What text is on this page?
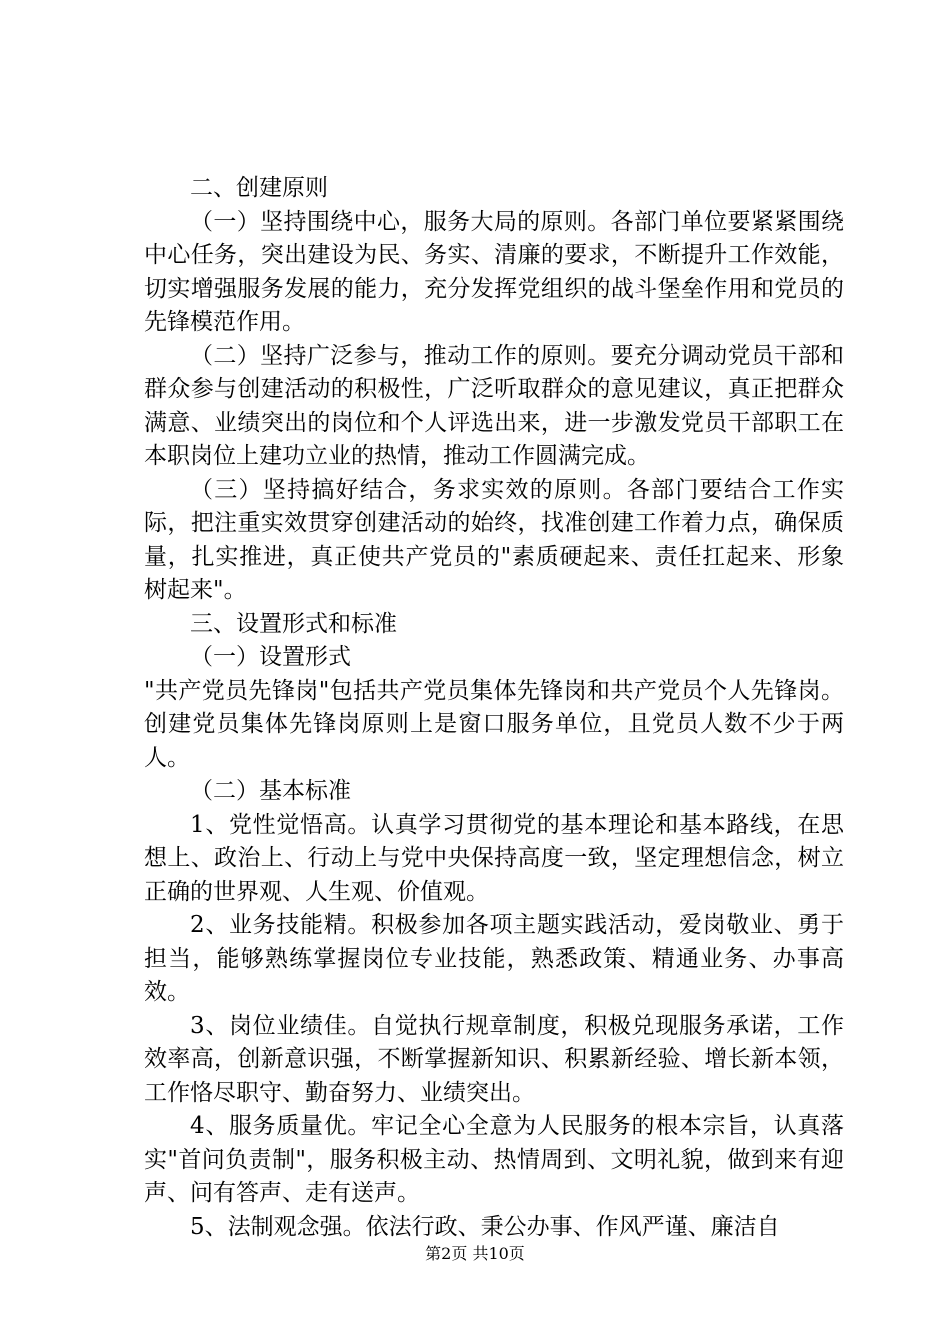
二、创建原则

（一）坚持围绕中心，服务大局的原则。各部门单位要紧紧围绕中心任务，突出建设为民、务实、清廉的要求，不断提升工作效能，切实增强服务发展的能力，充分发挥党组织的战斗堡垒作用和党员的先锋模范作用。

（二）坚持广泛参与，推动工作的原则。要充分调动党员干部和群众参与创建活动的积极性，广泛听取群众的意见建议，真正把群众满意、业绩突出的岗位和个人评选出来，进一步激发党员干部职工在本职岗位上建功立业的热情，推动工作圆满完成。

（三）坚持搞好结合，务求实效的原则。各部门要结合工作实际，把注重实效贯穿创建活动的始终，找准创建工作着力点，确保质量，扎实推进，真正使共产党员的"素质硬起来、责任扛起来、形象树起来"。

三、设置形式和标准

（一）设置形式

"共产党员先锋岗"包括共产党员集体先锋岗和共产党员个人先锋岗。创建党员集体先锋岗原则上是窗口服务单位，且党员人数不少于两人。

（二）基本标准

1、党性觉悟高。认真学习贯彻党的基本理论和基本路线，在思想上、政治上、行动上与党中央保持高度一致，坚定理想信念，树立正确的世界观、人生观、价值观。

2、业务技能精。积极参加各项主题实践活动，爱岗敬业、勇于担当，能够熟练掌握岗位专业技能，熟悉政策、精通业务、办事高效。

3、岗位业绩佳。自觉执行规章制度，积极兑现服务承诺，工作效率高，创新意识强，不断掌握新知识、积累新经验、增长新本领，工作恪尽职守、勤奋努力、业绩突出。

4、服务质量优。牢记全心全意为人民服务的根本宗旨，认真落实"首问负责制"，服务积极主动、热情周到、文明礼貌，做到来有迎声、问有答声、走有送声。

5、法制观念强。依法行政、秉公办事、作风严谨、廉洁自

第2页 共10页
